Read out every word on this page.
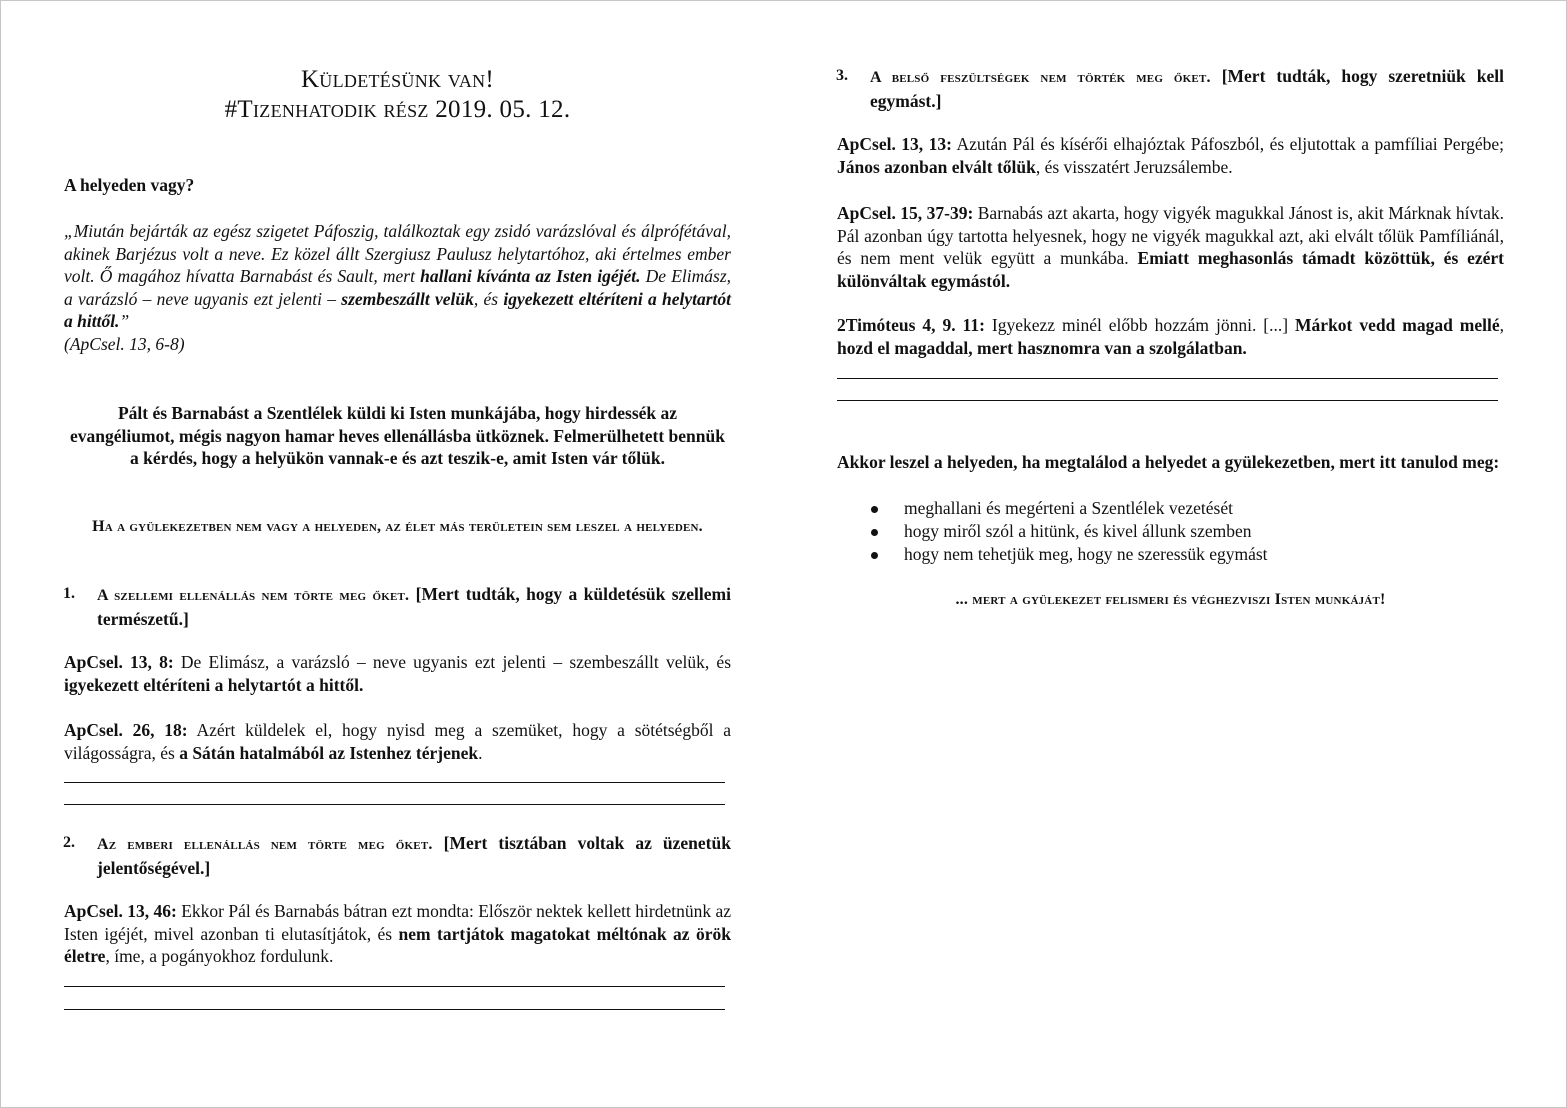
Küldetésünk van!
#Tizenhatodik rész 2019. 05. 12.
A helyeden vagy?
„Miután bejárták az egész szigetet Páfoszig, találkoztak egy zsidó varázslóval és álprófétával, akinek Barjézus volt a neve. Ez közel állt Szergiusz Paulusz helytartóhoz, aki értelmes ember volt. Ő magához hívatta Barnabást és Sault, mert hallani kívánta az Isten igéjét. De Elimász, a varázsló – neve ugyanis ezt jelenti – szembeszállt velük, és igyekezett eltéríteni a helytartót a hittől.”
(ApCsel. 13, 6-8)
Pált és Barnabást a Szentlélek küldi ki Isten munkájába, hogy hirdessék az evangéliumot, mégis nagyon hamar heves ellenállásba ütköznek. Felmerülhetett bennük a kérdés, hogy a helyükön vannak-e és azt teszik-e, amit Isten vár tőlük.
Ha a gyülekezetben nem vagy a helyeden, az élet más területein sem leszel a helyeden.
1. A szellemi ellenállás nem törte meg őket. [Mert tudták, hogy a küldetésük szellemi természetű.]
ApCsel. 13, 8: De Elimász, a varázsló – neve ugyanis ezt jelenti – szembeszállt velük, és igyekezett eltéríteni a helytartót a hittől.
ApCsel. 26, 18: Azért küldelek el, hogy nyisd meg a szemüket, hogy a sötétségből a világosságra, és a Sátán hatalmából az Istenhez térjenek.
2. Az emberi ellenállás nem törte meg őket. [Mert tisztában voltak az üzenetük jelentőségével.]
ApCsel. 13, 46: Ekkor Pál és Barnabás bátran ezt mondta: Először nektek kellett hirdetnünk az Isten igéjét, mivel azonban ti elutasítjátok, és nem tartjátok magatokat méltónak az örök életre, íme, a pogányokhoz fordulunk.
3. A belső feszültségek nem törték meg őket. [Mert tudták, hogy szeretniük kell egymást.]
ApCsel. 13, 13: Azután Pál és kísérői elhajóztak Páfoszból, és eljutottak a pamfíliai Pergébe; János azonban elvált tőlük, és visszatért Jeruzsálembe.
ApCsel. 15, 37-39: Barnabás azt akarta, hogy vigyék magukkal Jánost is, akit Márknak hívtak. Pál azonban úgy tartotta helyesnek, hogy ne vigyék magukkal azt, aki elvált tőlük Pamfíliánál, és nem ment velük együtt a munkába. Emiatt meghasonlás támadt közöttük, és ezért különváltak egymástól.
2Timóteus 4, 9. 11: Igyekezz minél előbb hozzám jönni. [...] Márkot vedd magad mellé, hozd el magaddal, mert hasznomra van a szolgálatban.
Akkor leszel a helyeden, ha megtalálod a helyedet a gyülekezetben, mert itt tanulod meg:
meghallani és megérteni a Szentlélek vezetését
hogy miről szól a hitünk, és kivel állunk szemben
hogy nem tehetjük meg, hogy ne szeressük egymást
... mert a gyülekezet felismeri és véghezviszi Isten munkáját!
